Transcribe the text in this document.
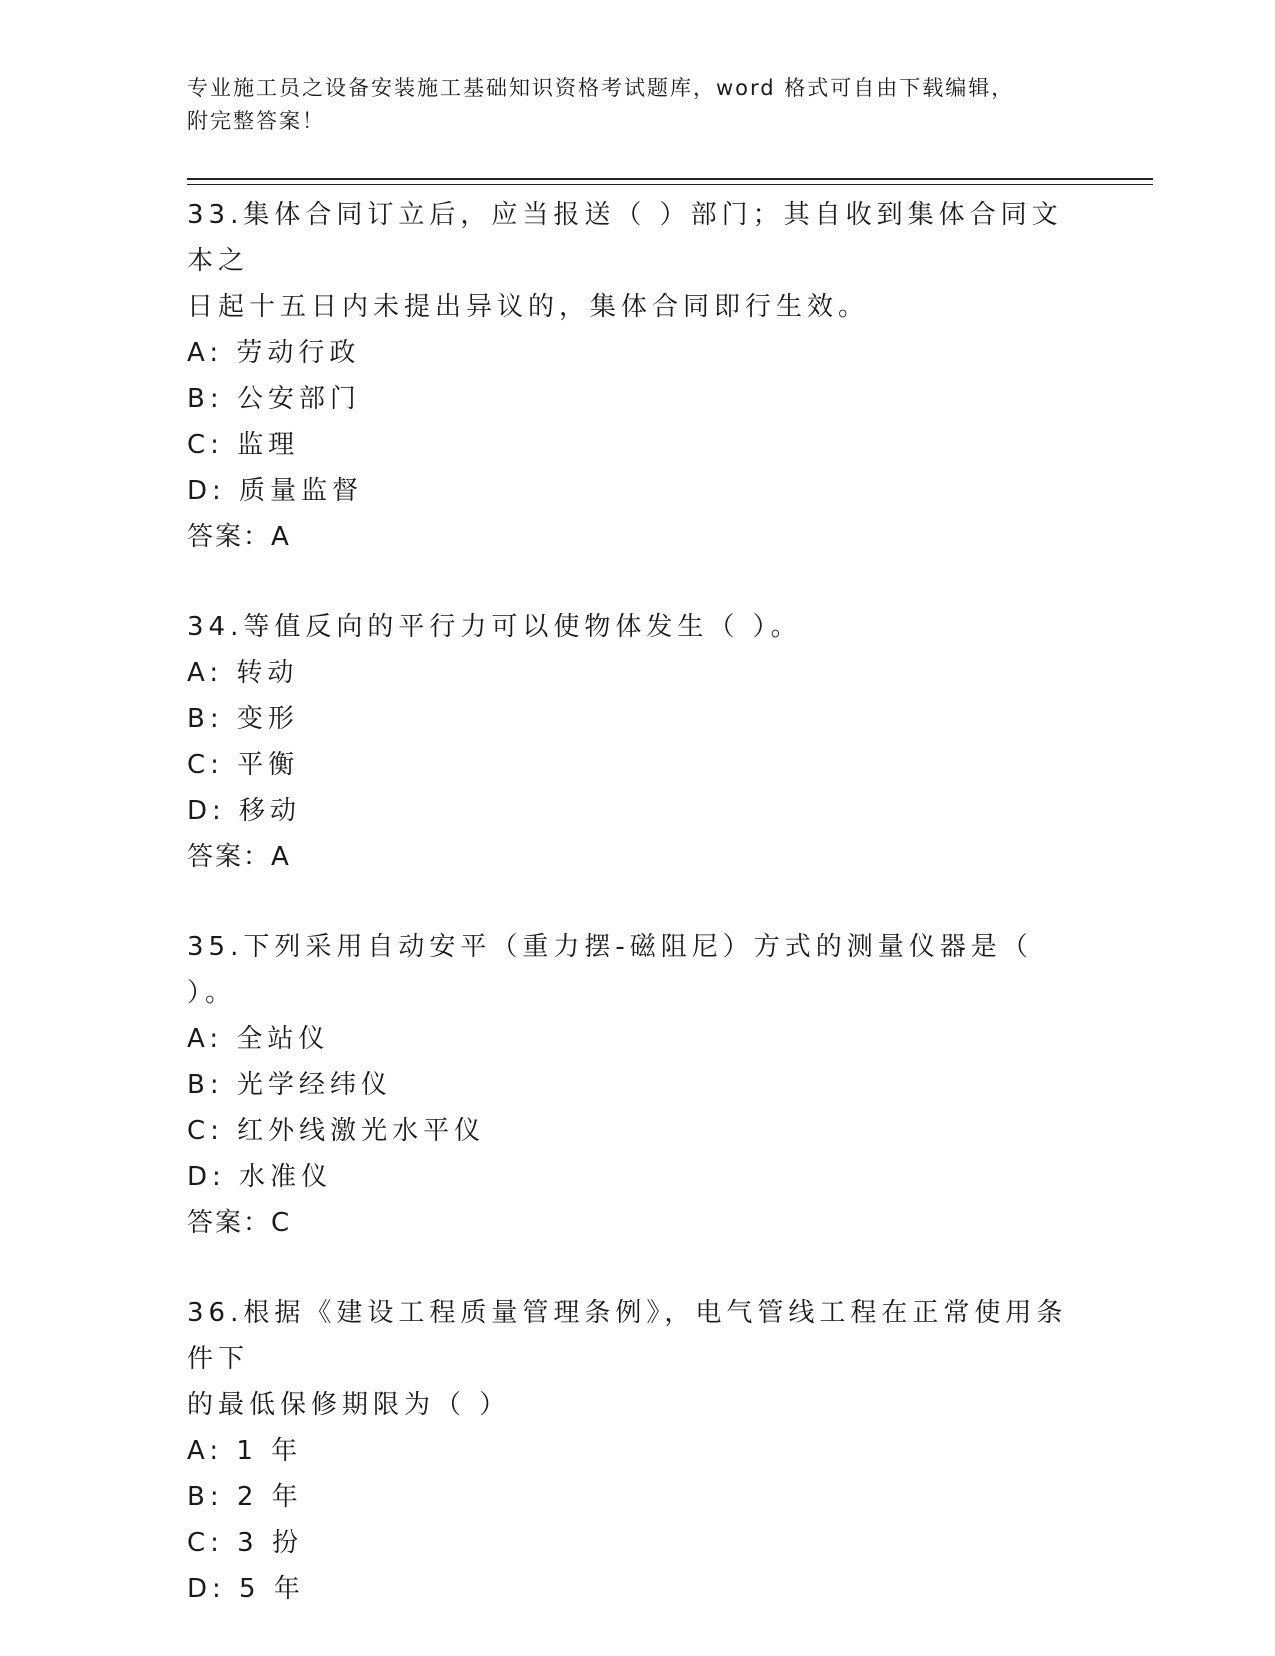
专业施工员之设备安装施工基础知识资格考试题库，word 格式可自由下载编辑，
附完整答案！
33.集体合同订立后，应当报送（ ）部门；其自收到集体合同文本之
日起十五日内未提出异议的，集体合同即行生效。
A: 劳动行政
B: 公安部门
C: 监理
D: 质量监督
答案：A
34.等值反向的平行力可以使物体发生（ ）。
A: 转动
B: 变形
C: 平衡
D: 移动
答案：A
35.下列采用自动安平（重力摆-磁阻尼）方式的测量仪器是（ ）。
A: 全站仪
B: 光学经纬仪
C: 红外线激光水平仪
D: 水准仪
答案：C
36.根据《建设工程质量管理条例》，电气管线工程在正常使用条件下
的最低保修期限为（ ）
A: 1 年
B: 2 年
C: 3 扮
D: 5 年
